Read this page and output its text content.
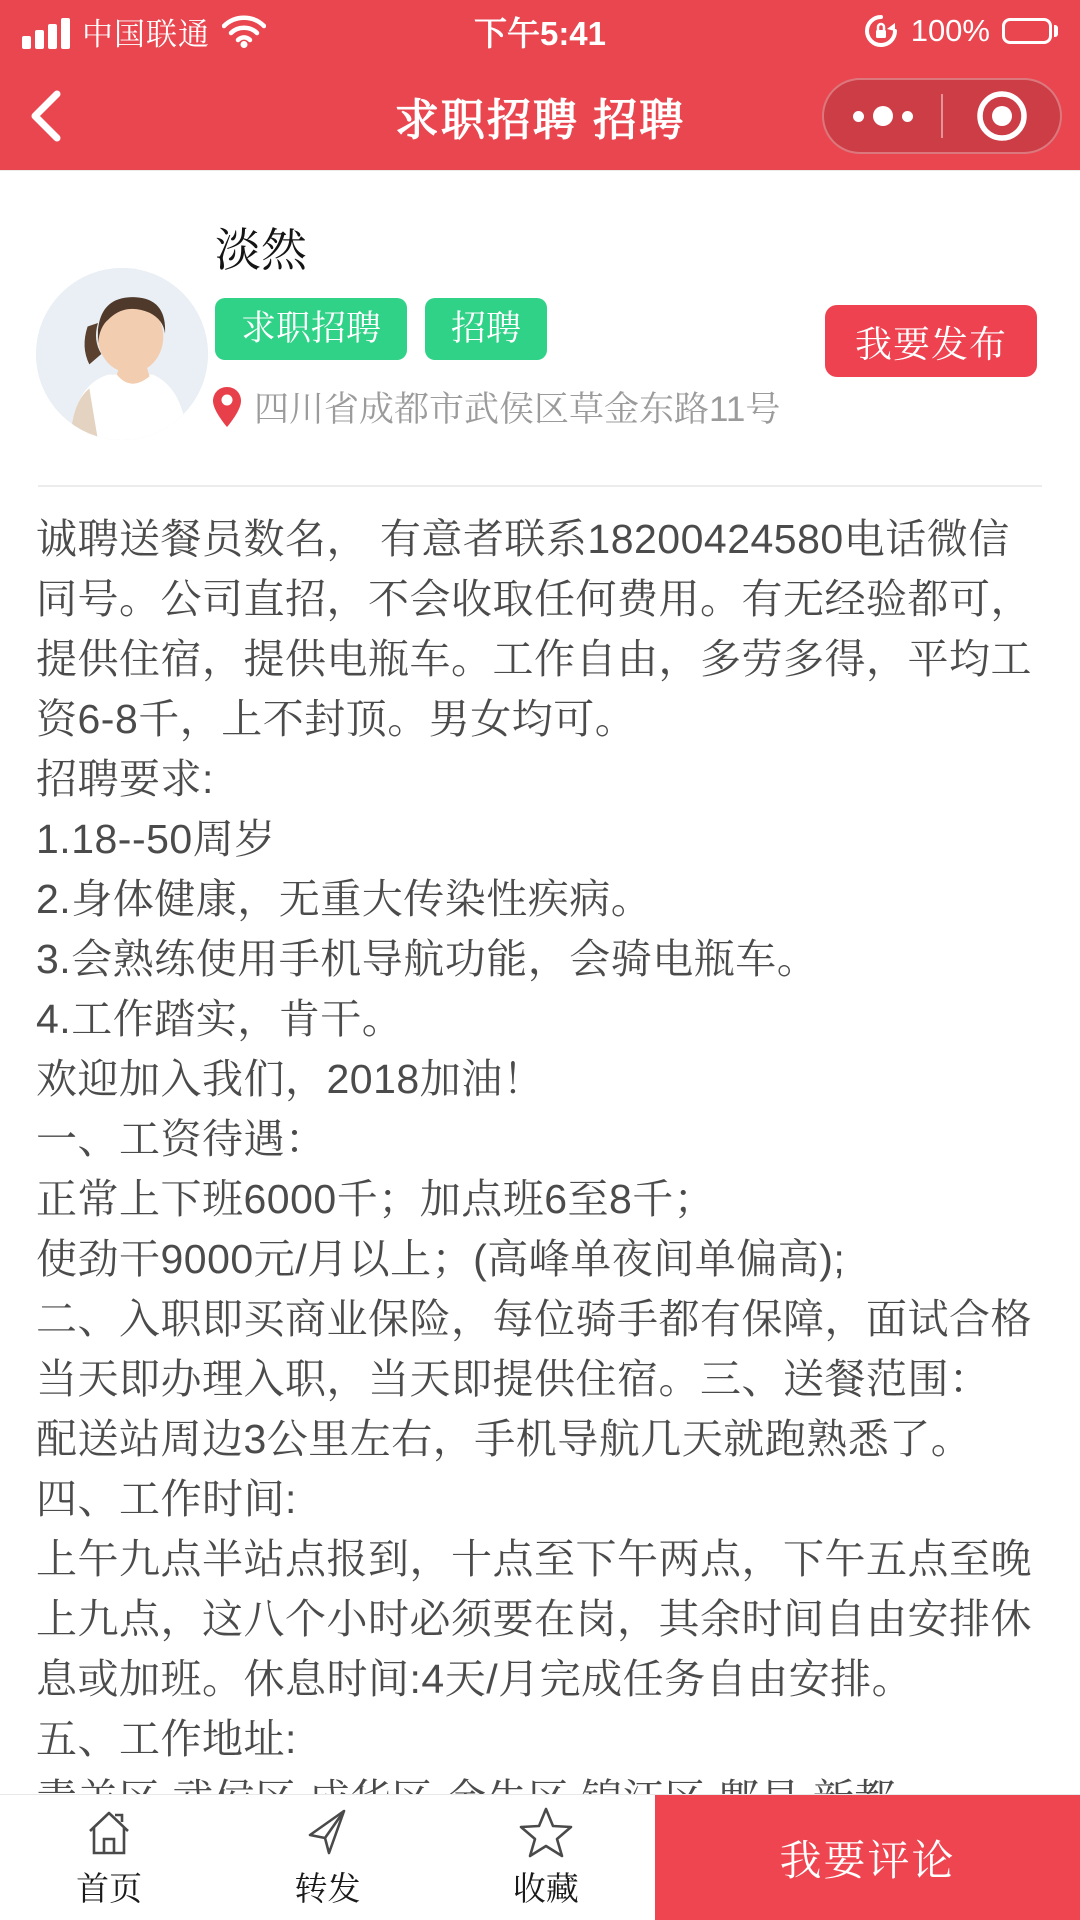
中国联通	下午5:41	100%
求职招聘 招聘
淡然
求职招聘	招聘
四川省成都市武侯区草金东路11号
我要发布

诚聘送餐员数名， 有意者联系18200424580电话微信同号。公司直招，不会收取任何费用。有无经验都可，提供住宿，提供电瓶车。工作自由，多劳多得，平均工资6-8千，上不封顶。男女均可。

招聘要求:

1.18--50周岁

2.身体健康，无重大传染性疾病。

3.会熟练使用手机导航功能，会骑电瓶车。

4.工作踏实，肯干。

欢迎加入我们，2018加油！

一、工资待遇：

正常上下班6000千；加点班6至8千；

使劲干9000元/月以上；(高峰单夜间单偏高);

二、入职即买商业保险，每位骑手都有保障，面试合格当天即办理入职，当天即提供住宿。三、送餐范围：

配送站周边3公里左右，手机导航几天就跑熟悉了。

四、工作时间:

上午九点半站点报到，十点至下午两点，下午五点至晚上九点，这八个小时必须要在岗，其余时间自由安排休息或加班。休息时间:4天/月完成任务自由安排。

五、工作地址:

首页	转发	收藏
我要评论
